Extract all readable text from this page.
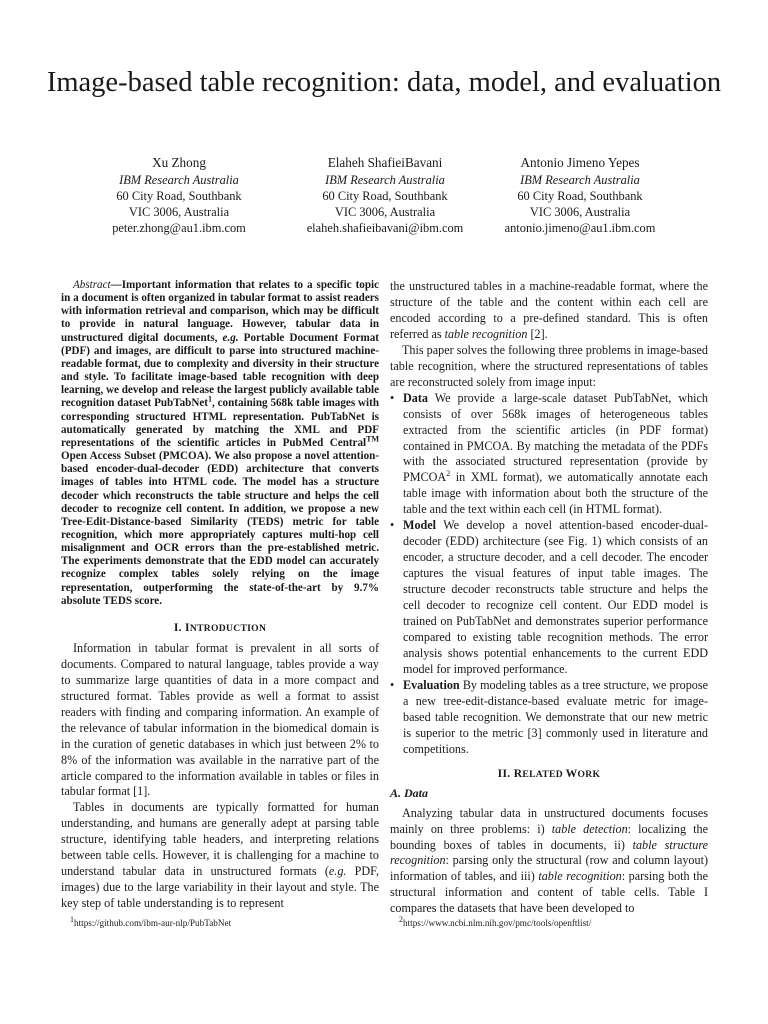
Image-based table recognition: data, model, and evaluation
Xu Zhong
IBM Research Australia
60 City Road, Southbank
VIC 3006, Australia
peter.zhong@au1.ibm.com
Elaheh ShafieiBavani
IBM Research Australia
60 City Road, Southbank
VIC 3006, Australia
elaheh.shafieibavani@ibm.com
Antonio Jimeno Yepes
IBM Research Australia
60 City Road, Southbank
VIC 3006, Australia
antonio.jimeno@au1.ibm.com

Abstract—Important information that relates to a specific topic in a document is often organized in tabular format to assist readers with information retrieval and comparison, which may be difficult to provide in natural language. However, tabular data in unstructured digital documents, e.g. Portable Document Format (PDF) and images, are difficult to parse into structured machine-readable format, due to complexity and diversity in their structure and style. To facilitate image-based table recognition with deep learning, we develop and release the largest publicly available table recognition dataset PubTabNet$^1$, containing 568k table images with corresponding structured HTML representation. PubTabNet is automatically generated by matching the XML and PDF representations of the scientific articles in PubMed Central™ Open Access Subset (PMCOA). We also propose a novel attention-based encoder-dual-decoder (EDD) architecture that converts images of tables into HTML code. The model has a structure decoder which reconstructs the table structure and helps the cell decoder to recognize cell content. In addition, we propose a new Tree-Edit-Distance-based Similarity (TEDS) metric for table recognition, which more appropriately captures multi-hop cell misalignment and OCR errors than the pre-established metric. The experiments demonstrate that the EDD model can accurately recognize complex tables solely relying on the image representation, outperforming the state-of-the-art by 9.7% absolute TEDS score.

I. INTRODUCTION

Information in tabular format is prevalent in all sorts of documents. Compared to natural language, tables provide a way to summarize large quantities of data in a more compact and structured format. Tables provide as well a format to assist readers with finding and comparing information. An example of the relevance of tabular information in the biomedical domain is in the curation of genetic databases in which just between 2% to 8% of the information was available in the narrative part of the article compared to the information available in tables or files in tabular format [1].

Tables in documents are typically formatted for human understanding, and humans are generally adept at parsing table structure, identifying table headers, and interpreting relations between table cells. However, it is challenging for a machine to understand tabular data in unstructured formats (e.g. PDF, images) due to the large variability in their layout and style. The key step of table understanding is to represent

the unstructured tables in a machine-readable format, where the structure of the table and the content within each cell are encoded according to a pre-defined standard. This is often referred as table recognition [2].

This paper solves the following three problems in image-based table recognition, where the structured representations of tables are reconstructed solely from image input:

• Data We provide a large-scale dataset PubTabNet, which consists of over 568k images of heterogeneous tables extracted from the scientific articles (in PDF format) contained in PMCOA. By matching the metadata of the PDFs with the associated structured representation (provide by PMCOA$^2$ in XML format), we automatically annotate each table image with information about both the structure of the table and the text within each cell (in HTML format).
• Model We develop a novel attention-based encoder-dual-decoder (EDD) architecture (see Fig. 1) which consists of an encoder, a structure decoder, and a cell decoder. The encoder captures the visual features of input table images. The structure decoder reconstructs table structure and helps the cell decoder to recognize cell content. Our EDD model is trained on PubTabNet and demonstrates superior performance compared to existing table recognition methods. The error analysis shows potential enhancements to the current EDD model for improved performance.
• Evaluation By modeling tables as a tree structure, we propose a new tree-edit-distance-based evaluate metric for image-based table recognition. We demonstrate that our new metric is superior to the metric [3] commonly used in literature and competitions.
II. RELATED WORK
A. Data

Analyzing tabular data in unstructured documents focuses mainly on three problems: i) table detection: localizing the bounding boxes of tables in documents, ii) table structure recognition: parsing only the structural (row and column layout) information of tables, and iii) table recognition: parsing both the structural information and content of table cells. Table I compares the datasets that have been developed to

$^1$https://github.com/ibm-aur-nlp/PubTabNet	$^2$https://www.ncbi.nlm.nih.gov/pmc/tools/openftlist/
